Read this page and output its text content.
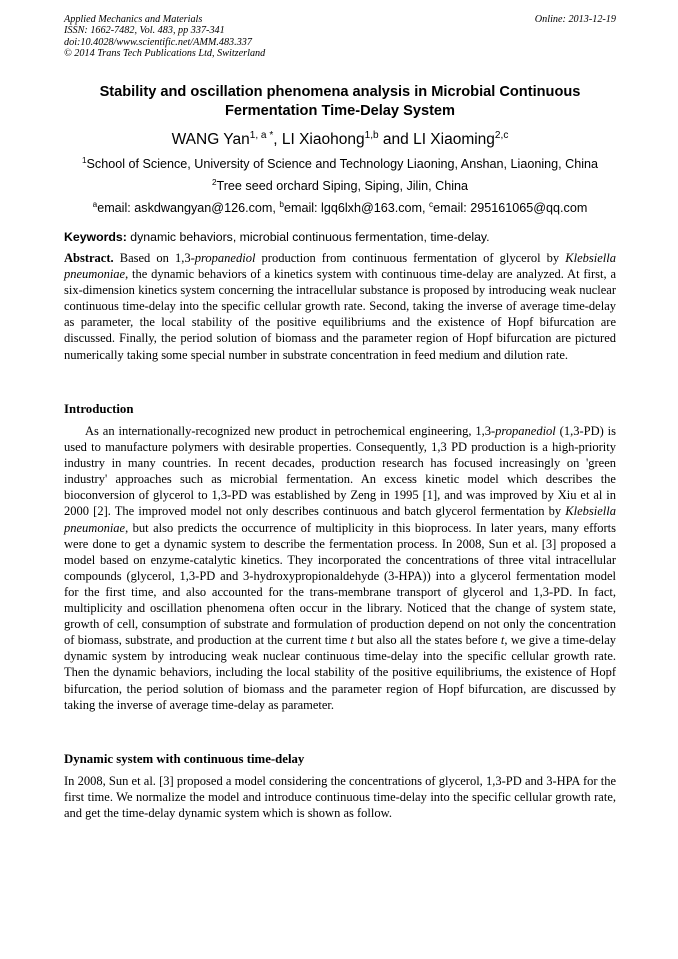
Applied Mechanics and Materials
ISSN: 1662-7482, Vol. 483, pp 337-341
doi:10.4028/www.scientific.net/AMM.483.337
© 2014 Trans Tech Publications Ltd, Switzerland
Online: 2013-12-19
Stability and oscillation phenomena analysis in Microbial Continuous
Fermentation Time-Delay System
WANG Yan$^{1, a *}$, LI Xiaohong$^{1,b}$ and LI Xiaoming$^{2,c}$
$^1$School of Science, University of Science and Technology Liaoning, Anshan, Liaoning, China
$^2$Tree seed orchard Siping, Siping, Jilin, China
$^a$email: askdwangyan@126.com, $^b$email: lgq6lxh@163.com, $^c$email: 295161065@qq.com
Keywords: dynamic behaviors, microbial continuous fermentation, time-delay.

Abstract. Based on 1,3-propanediol production from continuous fermentation of glycerol by Klebsiella pneumoniae, the dynamic behaviors of a kinetics system with continuous time-delay are analyzed. At first, a six-dimension kinetics system concerning the intracellular substance is proposed by introducing weak nuclear continuous time-delay into the specific cellular growth rate. Second, taking the inverse of average time-delay as parameter, the local stability of the positive equilibriums and the existence of Hopf bifurcation are discussed. Finally, the period solution of biomass and the parameter region of Hopf bifurcation are pictured numerically taking some special number in substrate concentration in feed medium and dilution rate.

Introduction

As an internationally-recognized new product in petrochemical engineering, 1,3-propanediol (1,3-PD) is used to manufacture polymers with desirable properties. Consequently, 1,3 PD production is a high-priority industry in many countries. In recent decades, production research has focused increasingly on 'green industry' approaches such as microbial fermentation. An excess kinetic model which describes the bioconversion of glycerol to 1,3-PD was established by Zeng in 1995 [1], and was improved by Xiu et al in 2000 [2]. The improved model not only describes continuous and batch glycerol fermentation by Klebsiella pneumoniae, but also predicts the occurrence of multiplicity in this bioprocess. In later years, many efforts were done to get a dynamic system to describe the fermentation process. In 2008, Sun et al. [3] proposed a model based on enzyme-catalytic kinetics. They incorporated the concentrations of three vital intracellular compounds (glycerol, 1,3-PD and 3-hydroxypropionaldehyde (3-HPA)) into a glycerol fermentation model for the first time, and also accounted for the trans-membrane transport of glycerol and 1,3-PD. In fact, multiplicity and oscillation phenomena often occur in the library. Noticed that the change of system state, growth of cell, consumption of substrate and formulation of production depend on not only the concentration of biomass, substrate, and production at the current time t but also all the states before t, we give a time-delay dynamic system by introducing weak nuclear continuous time-delay into the specific cellular growth rate. Then the dynamic behaviors, including the local stability of the positive equilibriums, the existence of Hopf bifurcation, the period solution of biomass and the parameter region of Hopf bifurcation, are discussed by taking the inverse of average time-delay as parameter.

Dynamic system with continuous time-delay

In 2008, Sun et al. [3] proposed a model considering the concentrations of glycerol, 1,3-PD and 3-HPA for the first time. We normalize the model and introduce continuous time-delay into the specific cellular growth rate, and get the time-delay dynamic system which is shown as follow.
